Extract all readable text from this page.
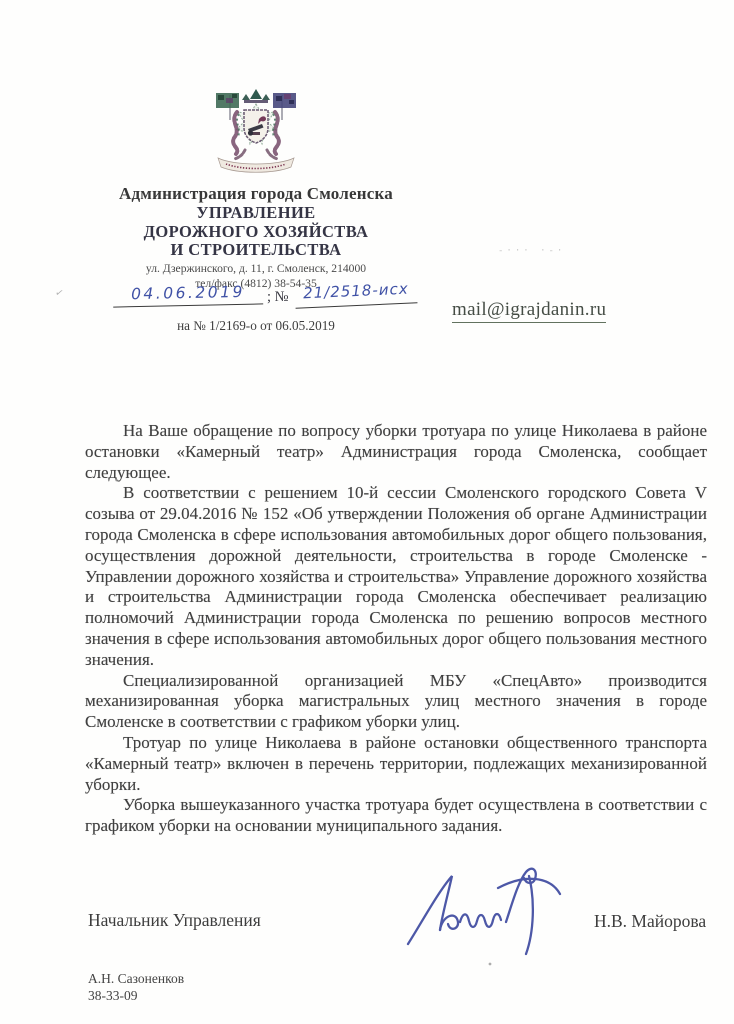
Администрация города Смоленска
УПРАВЛЕНИЕ
ДОРОЖНОГО ХОЗЯЙСТВА
И СТРОИТЕЛЬСТВА
ул. Дзержинского, д. 11, г. Смоленск, 214000
тел/факс (4812) 38-54-35
✓	04.06.2019	; № 21/2518-исх
на № 1/2169-о от 06.05.2019
-··· ·-·
mail@igrajdanin.ru

На Ваше обращение по вопросу уборки тротуара по улице Николаева в районе остановки «Камерный театр» Администрация города Смоленска, сообщает следующее.

В соответствии с решением 10-й сессии Смоленского городского Совета V созыва от 29.04.2016 № 152 «Об утверждении Положения об органе Администрации города Смоленска в сфере использования автомобильных дорог общего пользования, осуществления дорожной деятельности, строительства в городе Смоленске - Управлении дорожного хозяйства и строительства» Управление дорожного хозяйства и строительства Администрации города Смоленска обеспечивает реализацию полномочий Администрации города Смоленска по решению вопросов местного значения в сфере использования автомобильных дорог общего пользования местного значения.

Специализированной организацией МБУ «СпецАвто» производится механизированная уборка магистральных улиц местного значения в городе Смоленске в соответствии с графиком уборки улиц.

Тротуар по улице Николаева в районе остановки общественного транспорта «Камерный театр» включен в перечень территории, подлежащих механизированной уборки.

Уборка вышеуказанного участка тротуара будет осуществлена в соответствии с графиком уборки на основании муниципального задания.

Начальник Управления	Н.В. Майорова
А.Н. Сазоненков
38-33-09
